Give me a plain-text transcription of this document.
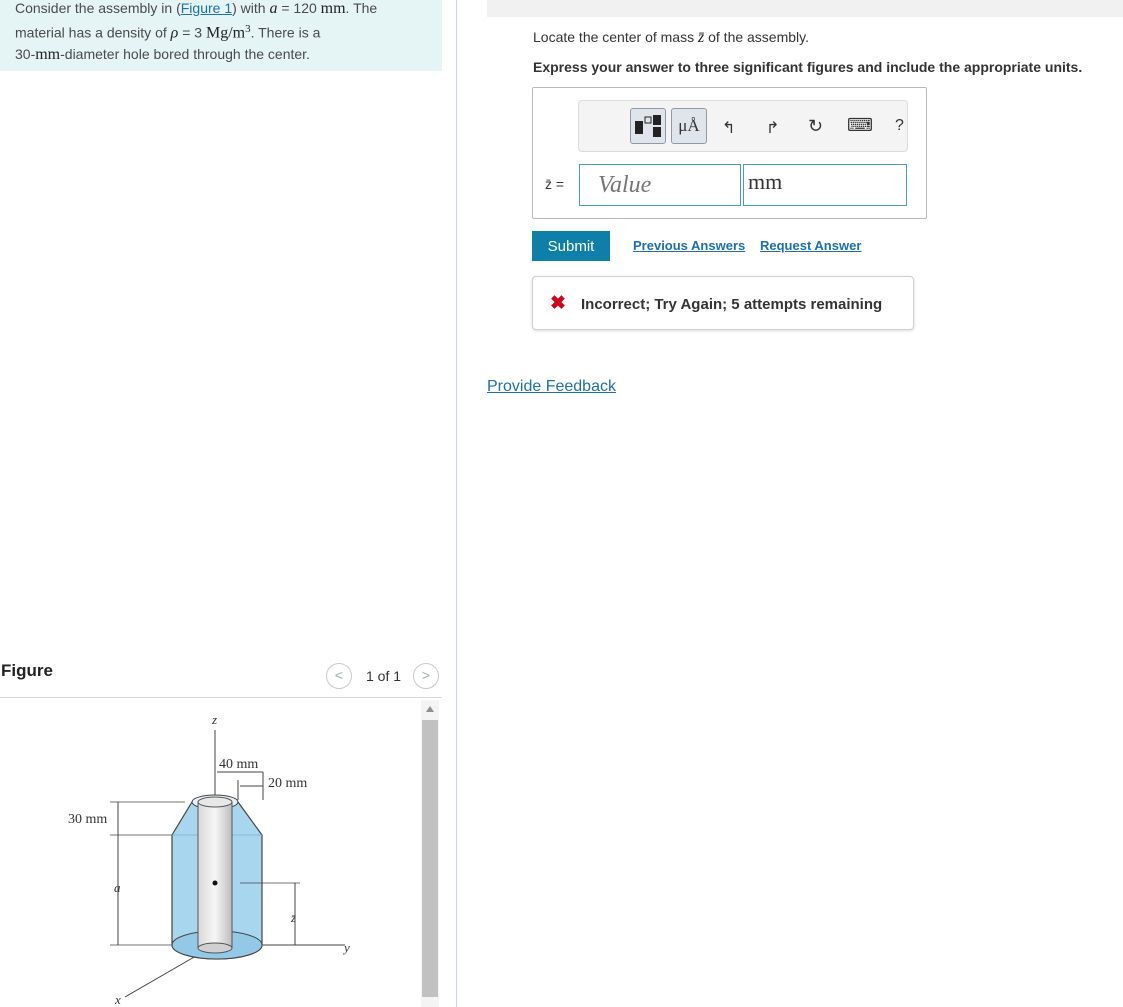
Consider the assembly in (Figure 1) with a = 120 mm. The
material has a density of ρ = 3 $Mg/m^3$. There is a
30-mm-diameter hole bored through the center.
Locate the center of mass z̄ of the assembly.
Express your answer to three significant figures and include the appropriate units.
μÅ	↰ ↱ ↻ ⌨ ?
z̄ =
Value	mm
Submit	Previous Answers Request Answer
✖ Incorrect; Try Again; 5 attempts remaining
Provide Feedback
Figure	<	1 of 1	>
z
y
x
40 mm
20 mm
30 mm
a
z̄
